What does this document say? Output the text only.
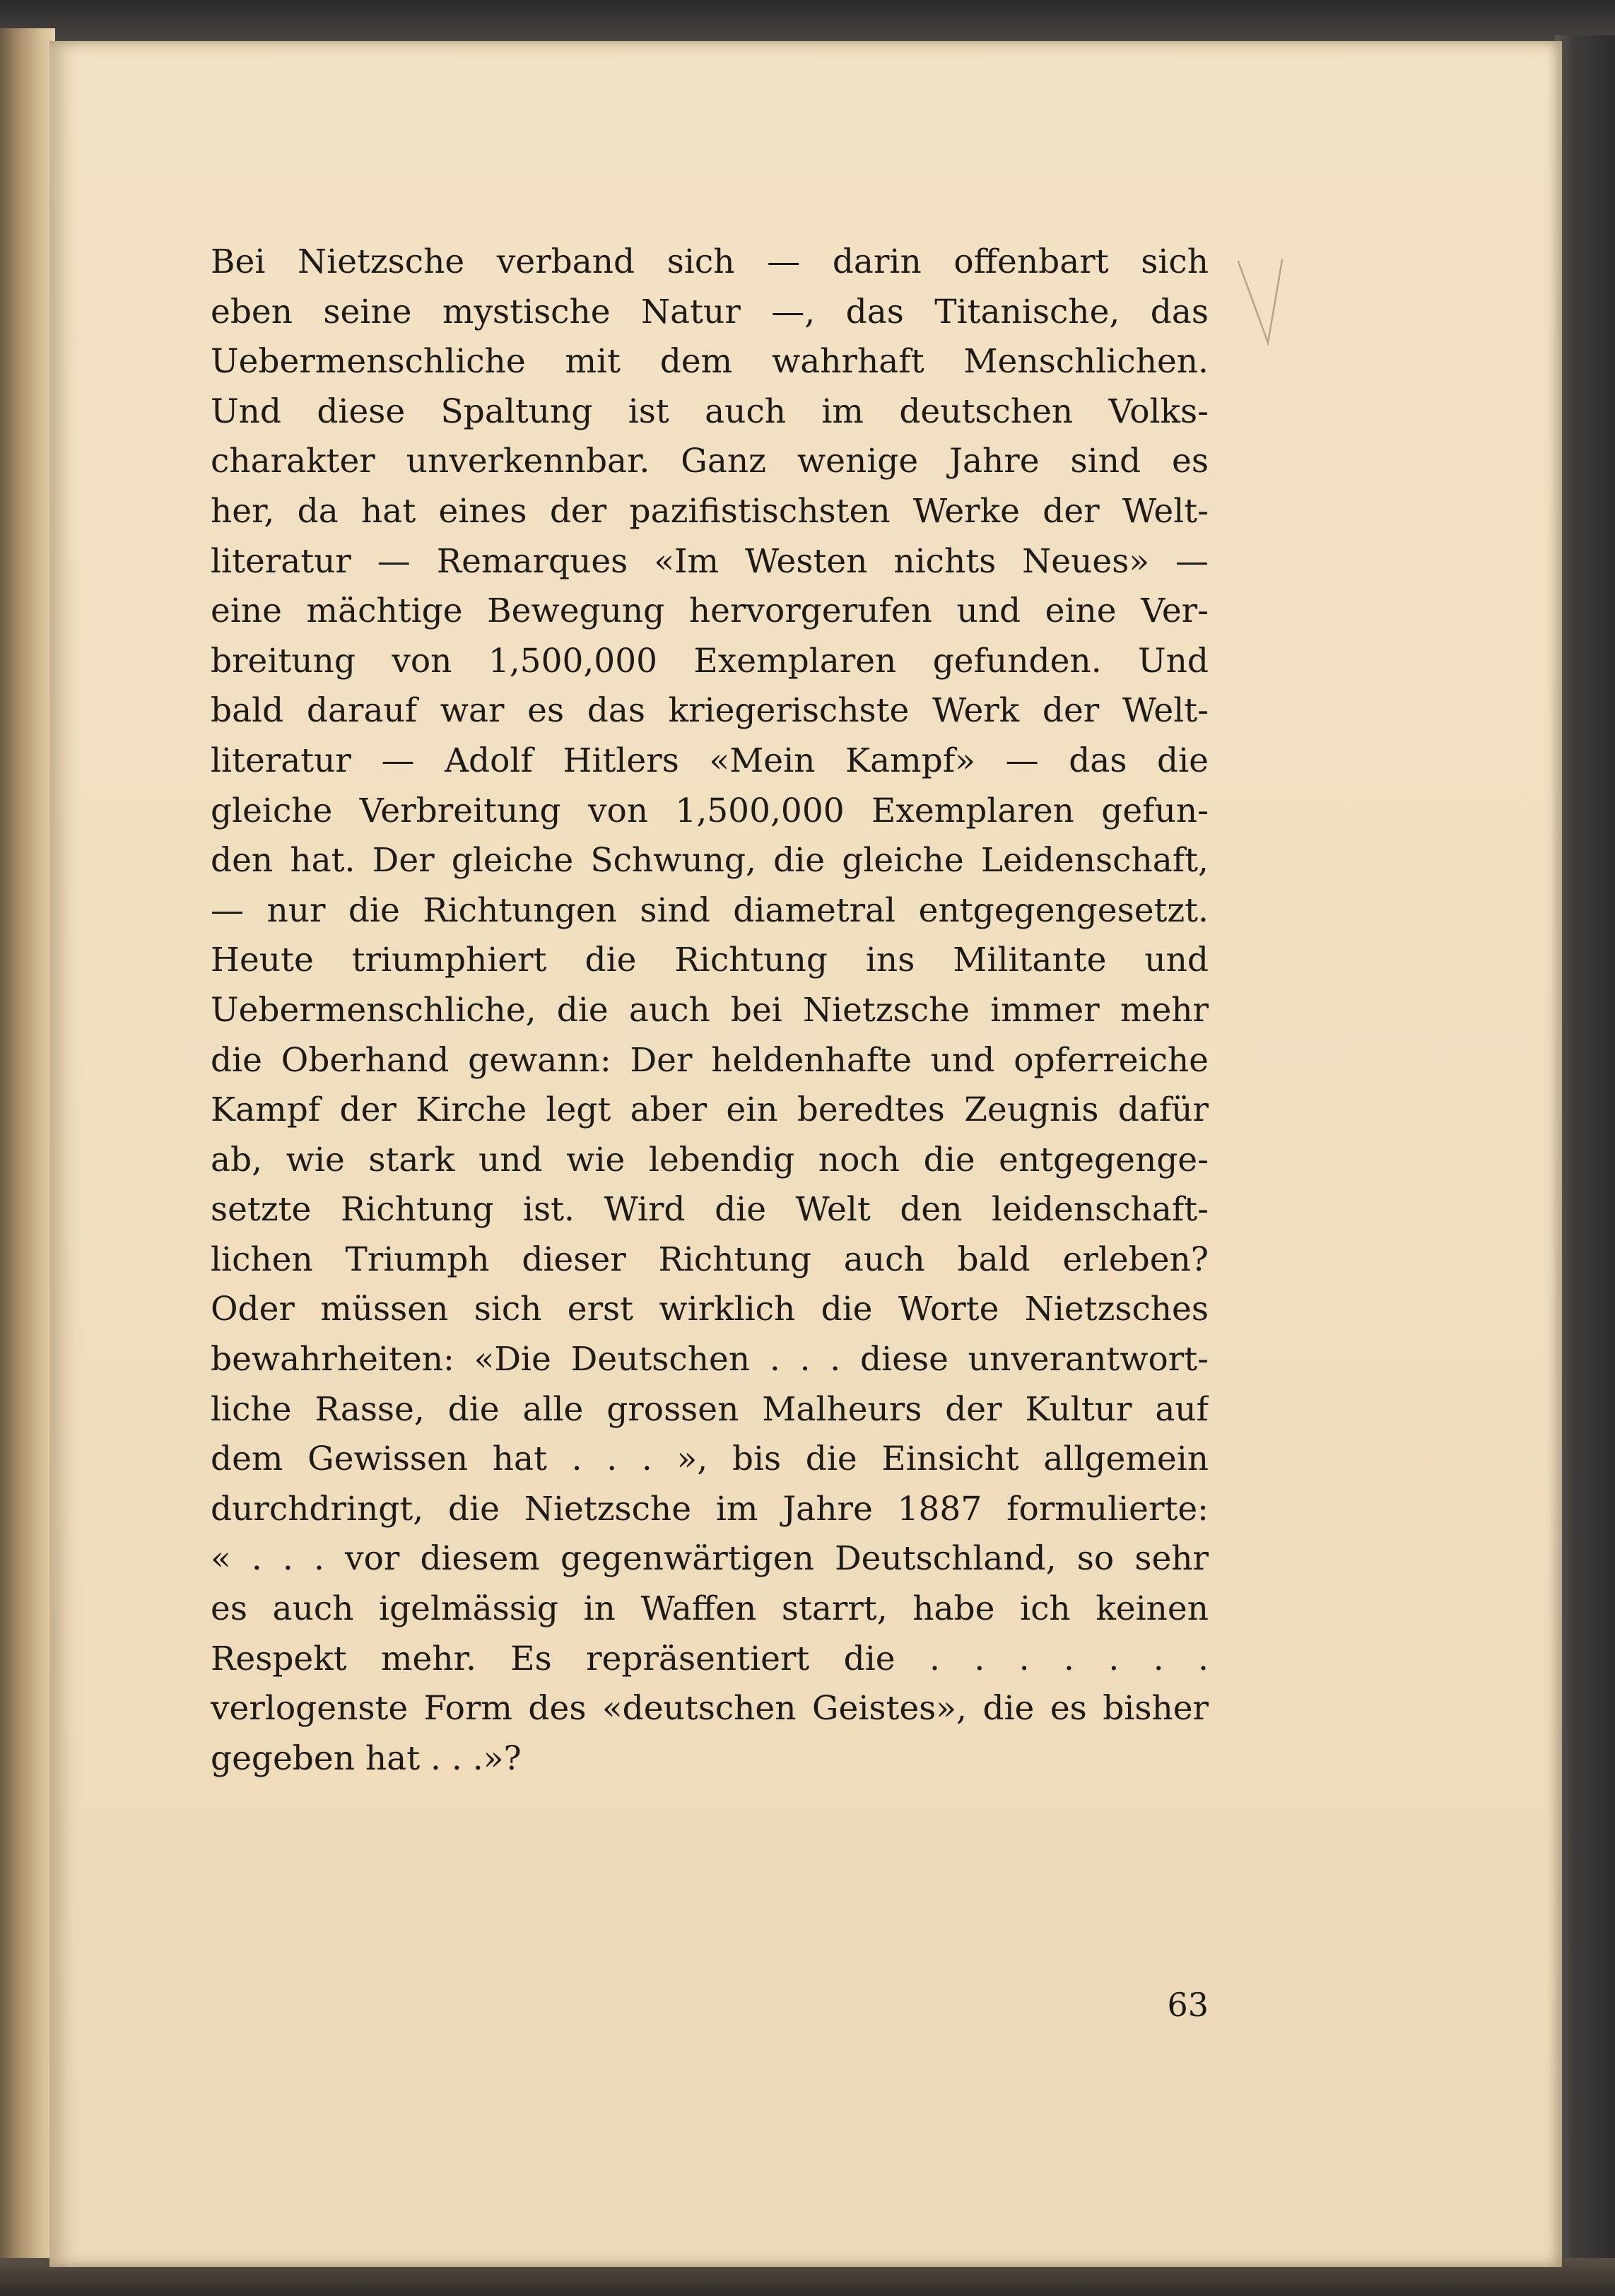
Bei Nietzsche verband sich — darin offenbart sich
eben seine mystische Natur —, das Titanische, das
Uebermenschliche mit dem wahrhaft Menschlichen.
Und diese Spaltung ist auch im deutschen Volks-
charakter unverkennbar. Ganz wenige Jahre sind es
her, da hat eines der pazifistischsten Werke der Welt-
literatur — Remarques «Im Westen nichts Neues» —
eine mächtige Bewegung hervorgerufen und eine Ver-
breitung von 1,500,000 Exemplaren gefunden. Und
bald darauf war es das kriegerischste Werk der Welt-
literatur — Adolf Hitlers «Mein Kampf» — das die
gleiche Verbreitung von 1,500,000 Exemplaren gefun-
den hat. Der gleiche Schwung, die gleiche Leidenschaft,
— nur die Richtungen sind diametral entgegengesetzt.
Heute triumphiert die Richtung ins Militante und
Uebermenschliche, die auch bei Nietzsche immer mehr
die Oberhand gewann: Der heldenhafte und opferreiche
Kampf der Kirche legt aber ein beredtes Zeugnis dafür
ab, wie stark und wie lebendig noch die entgegenge-
setzte Richtung ist. Wird die Welt den leidenschaft-
lichen Triumph dieser Richtung auch bald erleben?
Oder müssen sich erst wirklich die Worte Nietzsches
bewahrheiten: «Die Deutschen . . . diese unverantwort-
liche Rasse, die alle grossen Malheurs der Kultur auf
dem Gewissen hat . . . », bis die Einsicht allgemein
durchdringt, die Nietzsche im Jahre 1887 formulierte:
« . . . vor diesem gegenwärtigen Deutschland, so sehr
es auch igelmässig in Waffen starrt, habe ich keinen
Respekt mehr. Es repräsentiert die . . . . . . .
verlogenste Form des «deutschen Geistes», die es bisher
gegeben hat . . .»?
63
